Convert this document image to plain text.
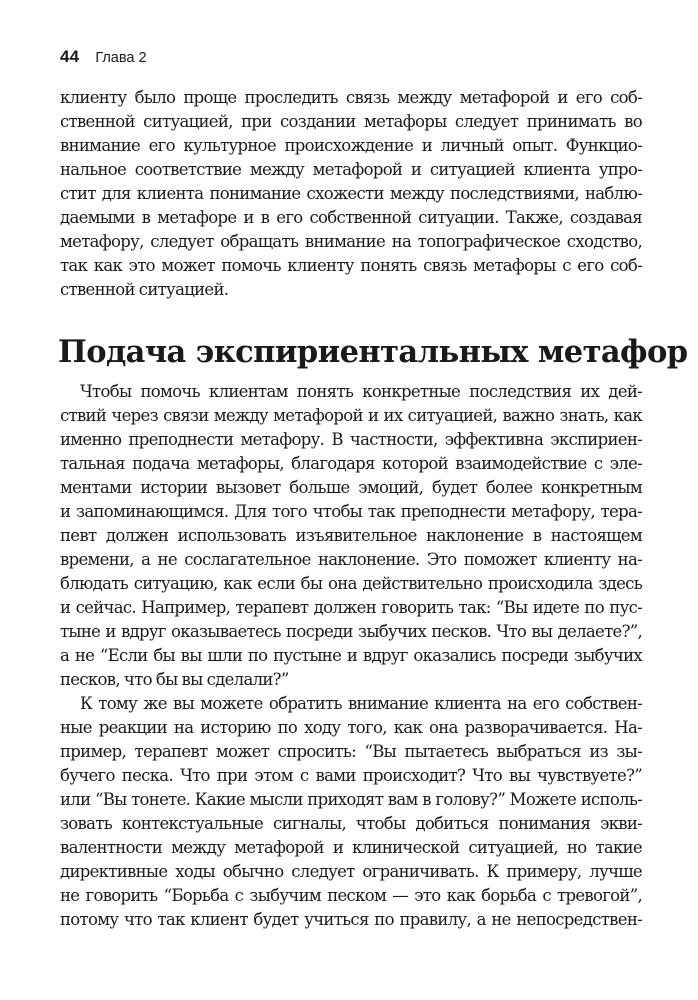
44 Глава 2
клиенту было проще проследить связь между метафорой и его соб-
ственной ситуацией, при создании метафоры следует принимать во
внимание его культурное происхождение и личный опыт. Функцио-
нальное соответствие между метафорой и ситуацией клиента упро-
стит для клиента понимание схожести между последствиями, наблю-
даемыми в метафоре и в его собственной ситуации. Также, создавая
метафору, следует обращать внимание на топографическое сходство,
так как это может помочь клиенту понять связь метафоры с его соб-
ственной ситуацией.
Подача экспириентальных метафор
Чтобы помочь клиентам понять конкретные последствия их дей-
ствий через связи между метафорой и их ситуацией, важно знать, как
именно преподнести метафору. В частности, эффективна экспириен-
тальная подача метафоры, благодаря которой взаимодействие с эле-
ментами истории вызовет больше эмоций, будет более конкретным
и запоминающимся. Для того чтобы так преподнести метафору, тера-
певт должен использовать изъявительное наклонение в настоящем
времени, а не сослагательное наклонение. Это поможет клиенту на-
блюдать ситуацию, как если бы она действительно происходила здесь
и сейчас. Например, терапевт должен говорить так: “Вы идете по пус-
тыне и вдруг оказываетесь посреди зыбучих песков. Что вы делаете?”,
а не “Если бы вы шли по пустыне и вдруг оказались посреди зыбучих
песков, что бы вы сделали?”
К тому же вы можете обратить внимание клиента на его собствен-
ные реакции на историю по ходу того, как она разворачивается. На-
пример, терапевт может спросить: “Вы пытаетесь выбраться из зы-
бучего песка. Что при этом с вами происходит? Что вы чувствуете?”
или “Вы тонете. Какие мысли приходят вам в голову?” Можете исполь-
зовать контекстуальные сигналы, чтобы добиться понимания экви-
валентности между метафорой и клинической ситуацией, но такие
директивные ходы обычно следует ограничивать. К примеру, лучше
не говорить “Борьба с зыбучим песком — это как борьба с тревогой”,
потому что так клиент будет учиться по правилу, а не непосредствен-
